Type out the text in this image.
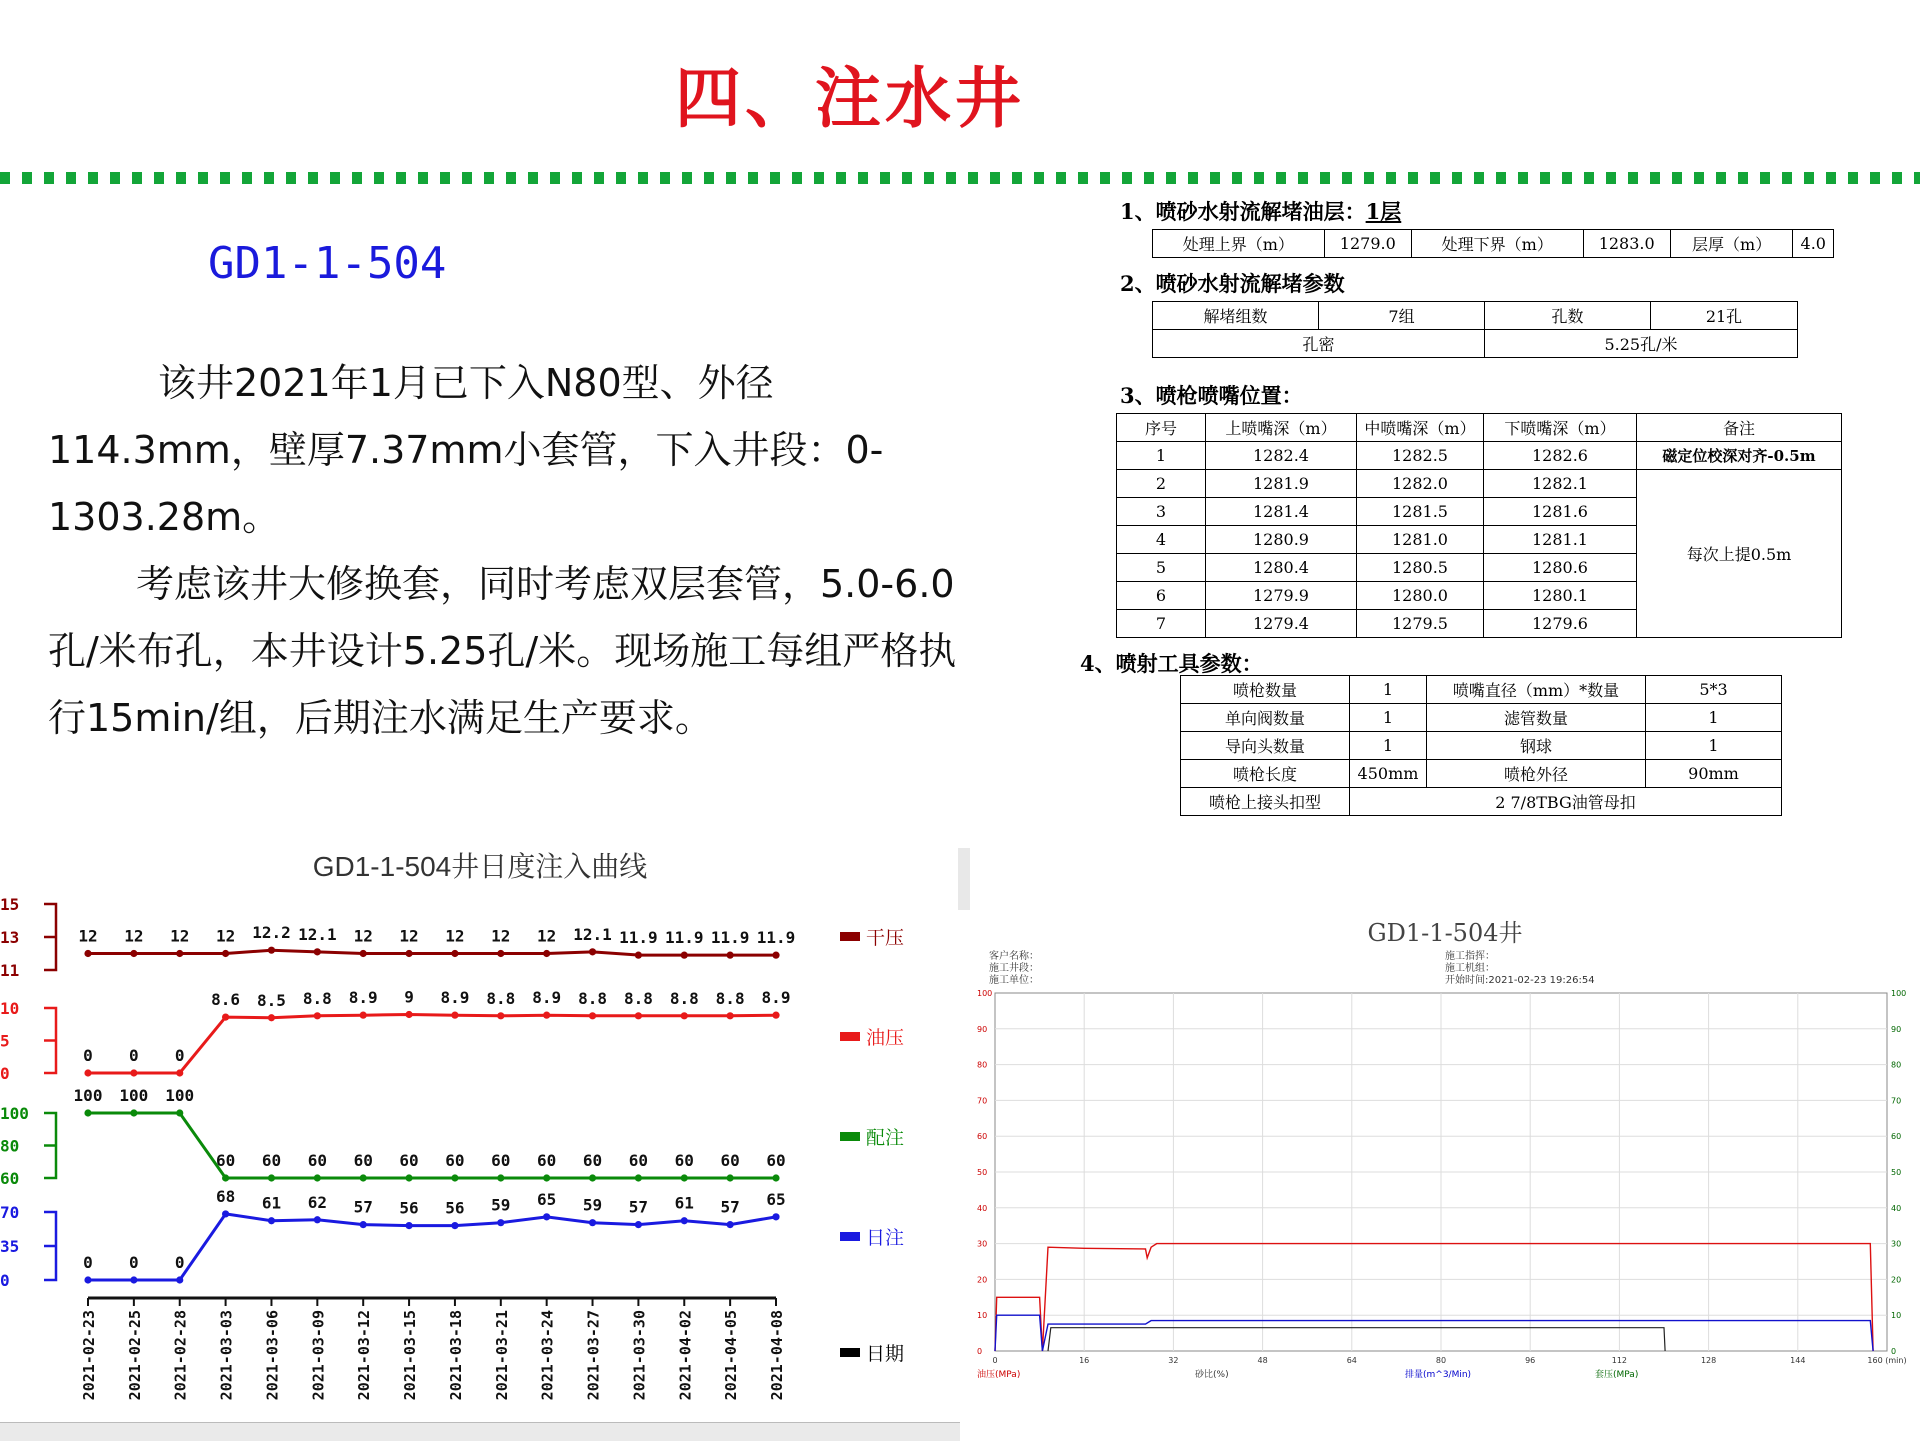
四、注水井
GD1-1-504

该井2021年1月已下入N80型、外径114.3mm，壁厚7.37mm小套管，下入井段：0-1303.28m。

考虑该井大修换套，同时考虑双层套管，5.0-6.0孔/米布孔，本井设计5.25孔/米。现场施工每组严格执行15min/组，后期注水满足生产要求。

1、喷砂水射流解堵油层：1层
处理上界（m）	1279.0	处理下界（m）	1283.0	层厚（m）	4.0
2、喷砂水射流解堵参数
解堵组数	7组	孔数	21孔
孔密		5.25孔/米	
3、喷枪喷嘴位置：
序号	上喷嘴深（m）	中喷嘴深（m）	下喷嘴深（m）	备注
1	1282.4	1282.5	1282.6	磁定位校深对齐-0.5m
2	1281.9	1282.0	1282.1	每次上提0.5m
3	1281.4	1281.5	1281.6	
4	1280.9	1281.0	1281.1	
5	1280.4	1280.5	1280.6	
6	1279.9	1280.0	1280.1	
7	1279.4	1279.5	1279.6	
4、喷射工具参数：
喷枪数量	1	喷嘴直径（mm）*数量	5*3
单向阀数量	1	滤管数量	1
导向头数量	1	钢球	1
喷枪长度	450mm	喷枪外径	90mm
喷枪上接头扣型	2 7/8TBG油管母扣		
GD1-1-504井日度注入曲线
15
13
11
12 12 12 12 12.2 12.1 12 12 12 12 12 12.1 11.9 11.9 11.9 11.9	干压
10
5
0
0 0 0
8.6 8.5 8.8 8.9 9 8.9 8.8 8.9 8.8 8.8 8.8 8.8 8.9
油压
100
80
60
100 100 100
60 60 60 60 60 60 60 60 60 60 60 60 60
配注
70
35
0
0 0 0
68 61 62 57 56 56 59 65 59 57 61 57 65
日注
2021-02-23 2021-02-25 2021-02-28 2021-03-03 2021-03-06 2021-03-09 2021-03-12 2021-03-15 2021-03-18 2021-03-21 2021-03-24 2021-03-27 2021-03-30 2021-04-02 2021-04-05 2021-04-08	日期
GD1-1-504井
客户名称：
施工井段：
施工单位：
施工指挥：
施工机组：
开始时间:2021-02-23 19:26:54
100	100
90	90
80	80
70	70
60	60
50	50
40	40
30	30
20	20
10	10
0	0
0	16	32	48	64	80	96	112	128	144	160 (min)
油压(MPa)	砂比(%)	排量(m^3/Min)	套压(MPa)
